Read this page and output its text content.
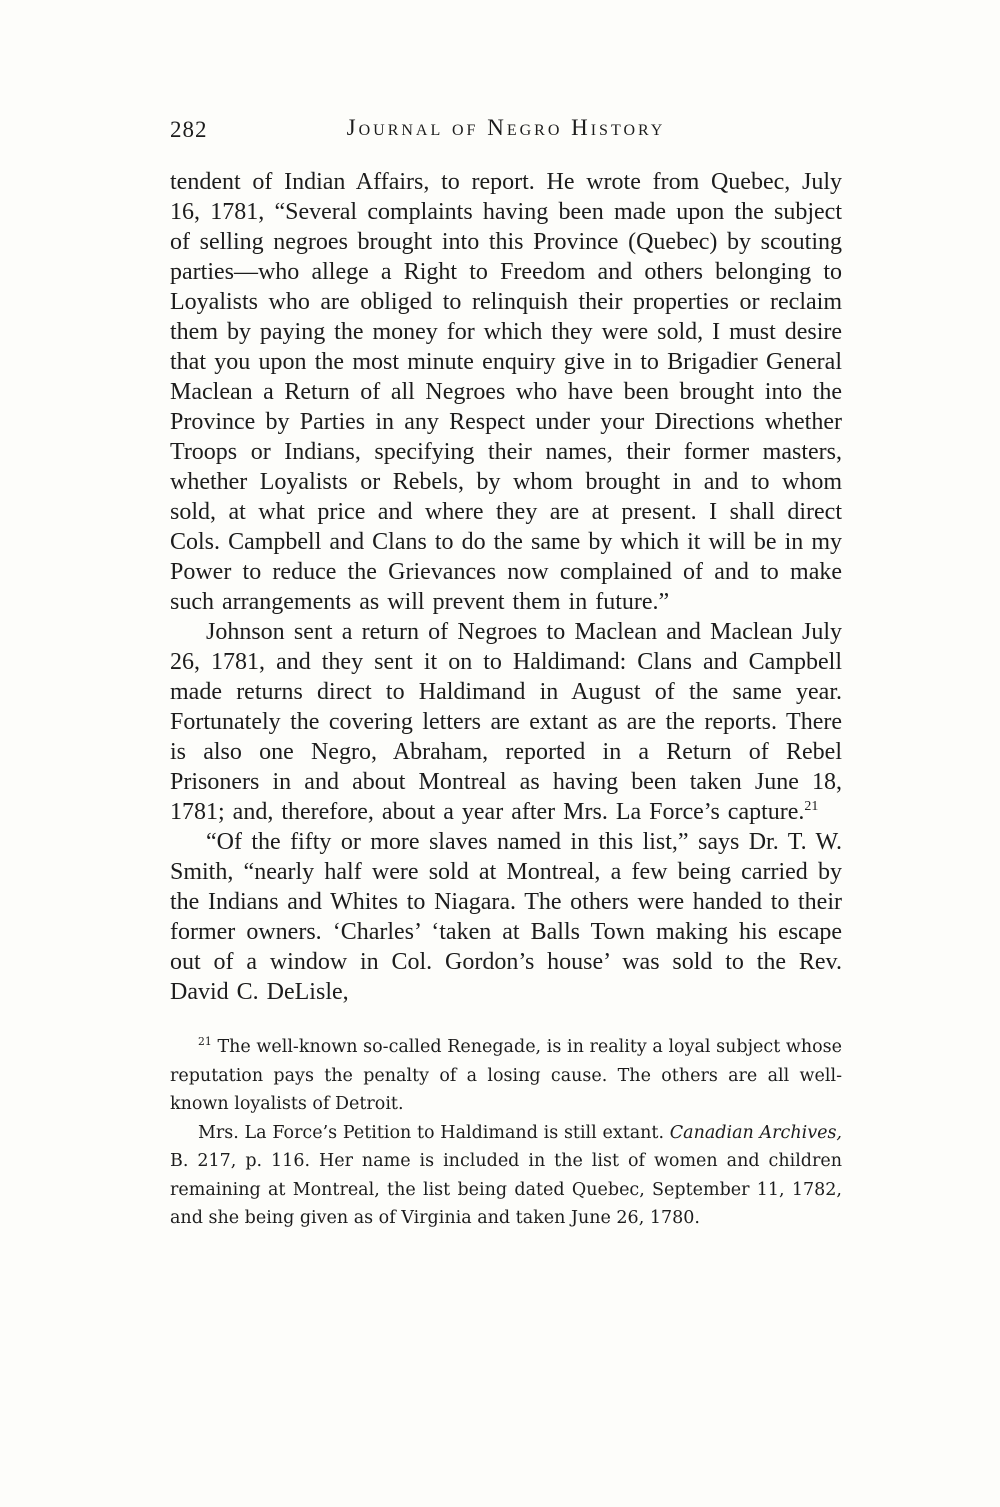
282	Journal of Negro History

tendent of Indian Affairs, to report. He wrote from Quebec, July 16, 1781, “Several complaints having been made upon the subject of selling negroes brought into this Province (Quebec) by scouting parties—who allege a Right to Freedom and others belonging to Loyalists who are obliged to relinquish their properties or reclaim them by paying the money for which they were sold, I must desire that you upon the most minute enquiry give in to Brigadier General Maclean a Return of all Negroes who have been brought into the Province by Parties in any Respect under your Directions whether Troops or Indians, specifying their names, their former masters, whether Loyalists or Rebels, by whom brought in and to whom sold, at what price and where they are at present. I shall direct Cols. Campbell and Clans to do the same by which it will be in my Power to reduce the Grievances now complained of and to make such arrangements as will prevent them in future.”

Johnson sent a return of Negroes to Maclean and Maclean July 26, 1781, and they sent it on to Haldimand: Clans and Campbell made returns direct to Haldimand in August of the same year. Fortunately the covering letters are extant as are the reports. There is also one Negro, Abraham, reported in a Return of Rebel Prisoners in and about Montreal as having been taken June 18, 1781; and, therefore, about a year after Mrs. La Force’s capture.$^{21}$

“Of the fifty or more slaves named in this list,” says Dr. T. W. Smith, “nearly half were sold at Montreal, a few being carried by the Indians and Whites to Niagara. The others were handed to their former owners. ‘Charles’ ‘taken at Balls Town making his escape out of a window in Col. Gordon’s house’ was sold to the Rev. David C. DeLisle,

$^{21}$ The well-known so-called Renegade, is in reality a loyal subject whose reputation pays the penalty of a losing cause. The others are all well-known loyalists of Detroit.

Mrs. La Force’s Petition to Haldimand is still extant. Canadian Archives, B. 217, p. 116. Her name is included in the list of women and children remaining at Montreal, the list being dated Quebec, September 11, 1782, and she being given as of Virginia and taken June 26, 1780.
